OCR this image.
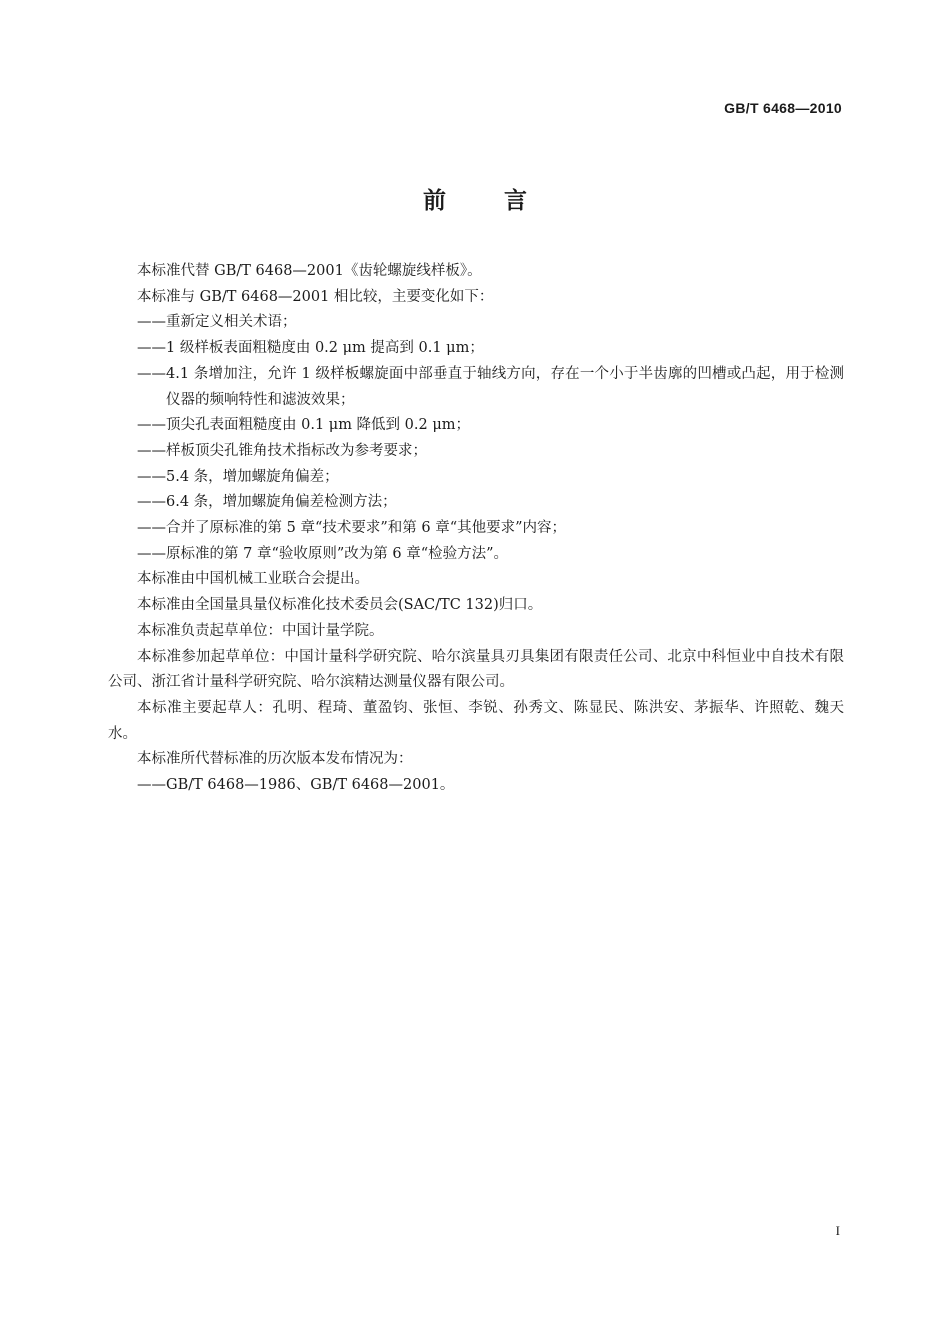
GB/T 6468—2010
前言

本标准代替 GB/T 6468—2001《齿轮螺旋线样板》。

本标准与 GB/T 6468—2001 相比较，主要变化如下：

——重新定义相关术语；

——1 级样板表面粗糙度由 0.2 μm 提高到 0.1 μm；

——4.1 条增加注，允许 1 级样板螺旋面中部垂直于轴线方向，存在一个小于半齿廓的凹槽或凸起，用于检测仪器的频响特性和滤波效果；

——顶尖孔表面粗糙度由 0.1 μm 降低到 0.2 μm；

——样板顶尖孔锥角技术指标改为参考要求；

——5.4 条，增加螺旋角偏差；

——6.4 条，增加螺旋角偏差检测方法；

——合并了原标准的第 5 章“技术要求”和第 6 章“其他要求”内容；

——原标准的第 7 章“验收原则”改为第 6 章“检验方法”。

本标准由中国机械工业联合会提出。

本标准由全国量具量仪标准化技术委员会(SAC/TC 132)归口。

本标准负责起草单位：中国计量学院。

本标准参加起草单位：中国计量科学研究院、哈尔滨量具刃具集团有限责任公司、北京中科恒业中自技术有限公司、浙江省计量科学研究院、哈尔滨精达测量仪器有限公司。

本标准主要起草人：孔明、程琦、董盈钧、张恒、李锐、孙秀文、陈显民、陈洪安、茅振华、许照乾、魏天水。

本标准所代替标准的历次版本发布情况为：

——GB/T 6468—1986、GB/T 6468—2001。

I
